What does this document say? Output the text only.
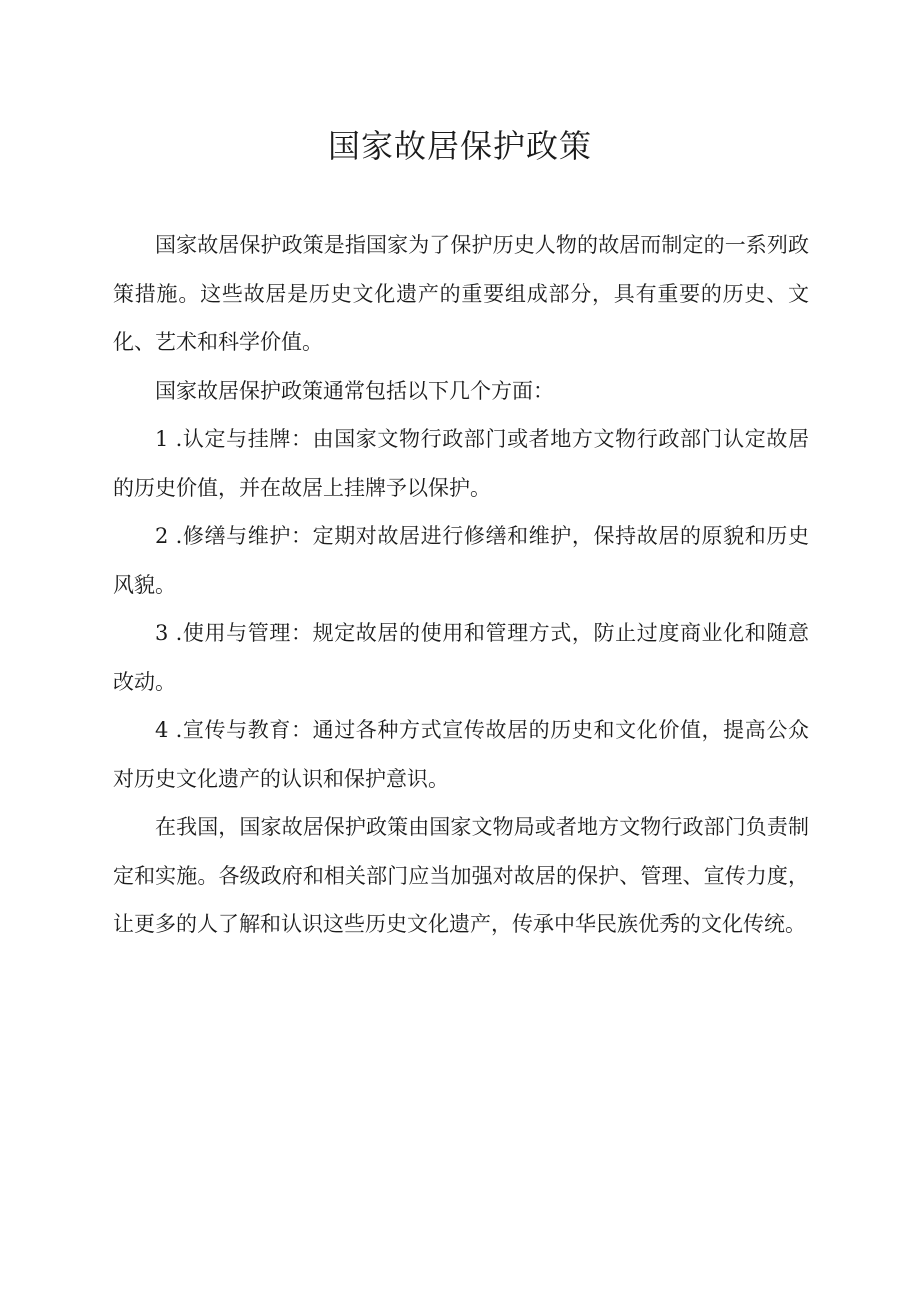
国家故居保护政策

国家故居保护政策是指国家为了保护历史人物的故居而制定的一系列政策措施。这些故居是历史文化遗产的重要组成部分，具有重要的历史、文化、艺术和科学价值。

国家故居保护政策通常包括以下几个方面：

1 .认定与挂牌：由国家文物行政部门或者地方文物行政部门认定故居的历史价值，并在故居上挂牌予以保护。

2 .修缮与维护：定期对故居进行修缮和维护，保持故居的原貌和历史风貌。

3 .使用与管理：规定故居的使用和管理方式，防止过度商业化和随意改动。

4 .宣传与教育：通过各种方式宣传故居的历史和文化价值，提高公众对历史文化遗产的认识和保护意识。

在我国，国家故居保护政策由国家文物局或者地方文物行政部门负责制定和实施。各级政府和相关部门应当加强对故居的保护、管理、宣传力度，让更多的人了解和认识这些历史文化遗产，传承中华民族优秀的文化传统。
